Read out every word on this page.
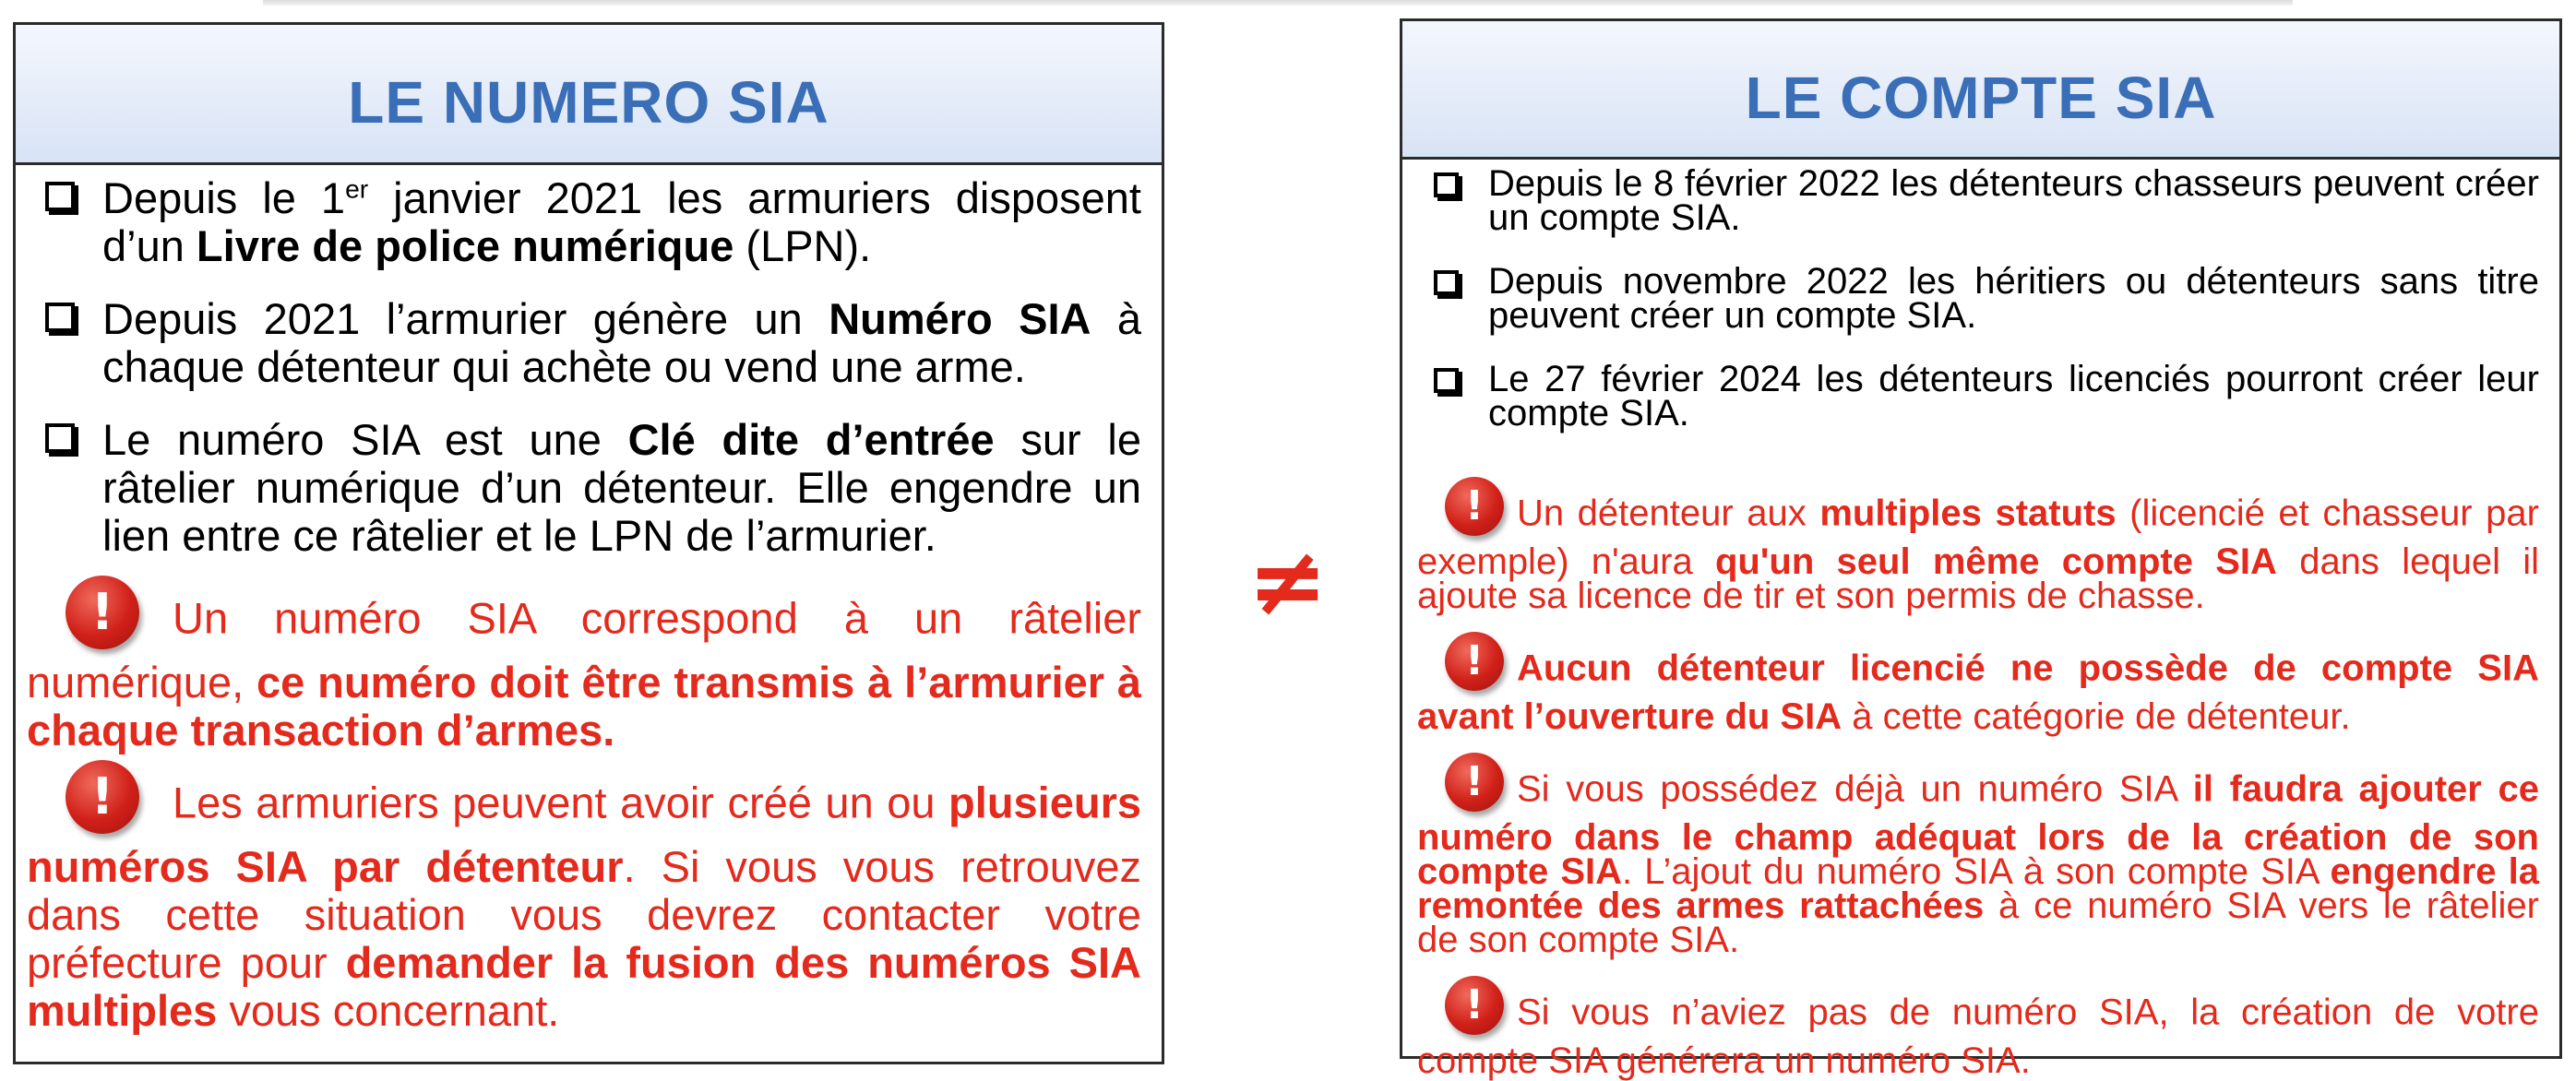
LE NUMERO SIA
Depuis le 1er janvier 2021 les armuriers disposent d’un Livre de police numérique (LPN).
Depuis 2021 l’armurier génère un Numéro SIA à chaque détenteur qui achète ou vend une arme.
Le numéro SIA est une Clé dite d’entrée sur le râtelier numérique d’un détenteur. Elle engendre un lien entre ce râtelier et le LPN de l’armurier.
!Un numéro SIA correspond à un râtelier numérique, ce numéro doit être transmis à l’armurier à chaque transaction d’armes.
!Les armuriers peuvent avoir créé un ou plusieurs numéros SIA par détenteur. Si vous vous retrouvez dans cette situation vous devrez contacter votre préfecture pour demander la fusion des numéros SIA multiples vous concernant.
≠
LE COMPTE SIA
Depuis le 8 février 2022 les détenteurs chasseurs peuvent créer un compte SIA.
Depuis novembre 2022 les héritiers ou détenteurs sans titre peuvent créer un compte SIA.
Le 27 février 2024 les détenteurs licenciés pourront créer leur compte SIA.
!Un détenteur aux multiples statuts (licencié et chasseur par exemple) n'aura qu'un seul même compte SIA dans lequel il ajoute sa licence de tir et son permis de chasse.
!Aucun détenteur licencié ne possède de compte SIA avant l’ouverture du SIA à cette catégorie de détenteur.
!Si vous possédez déjà un numéro SIA il faudra ajouter ce numéro dans le champ adéquat lors de la création de son compte SIA. L’ajout du numéro SIA à son compte SIA engendre la remontée des armes rattachées à ce numéro SIA vers le râtelier de son compte SIA.
!Si vous n’aviez pas de numéro SIA, la création de votre compte SIA générera un numéro SIA.
